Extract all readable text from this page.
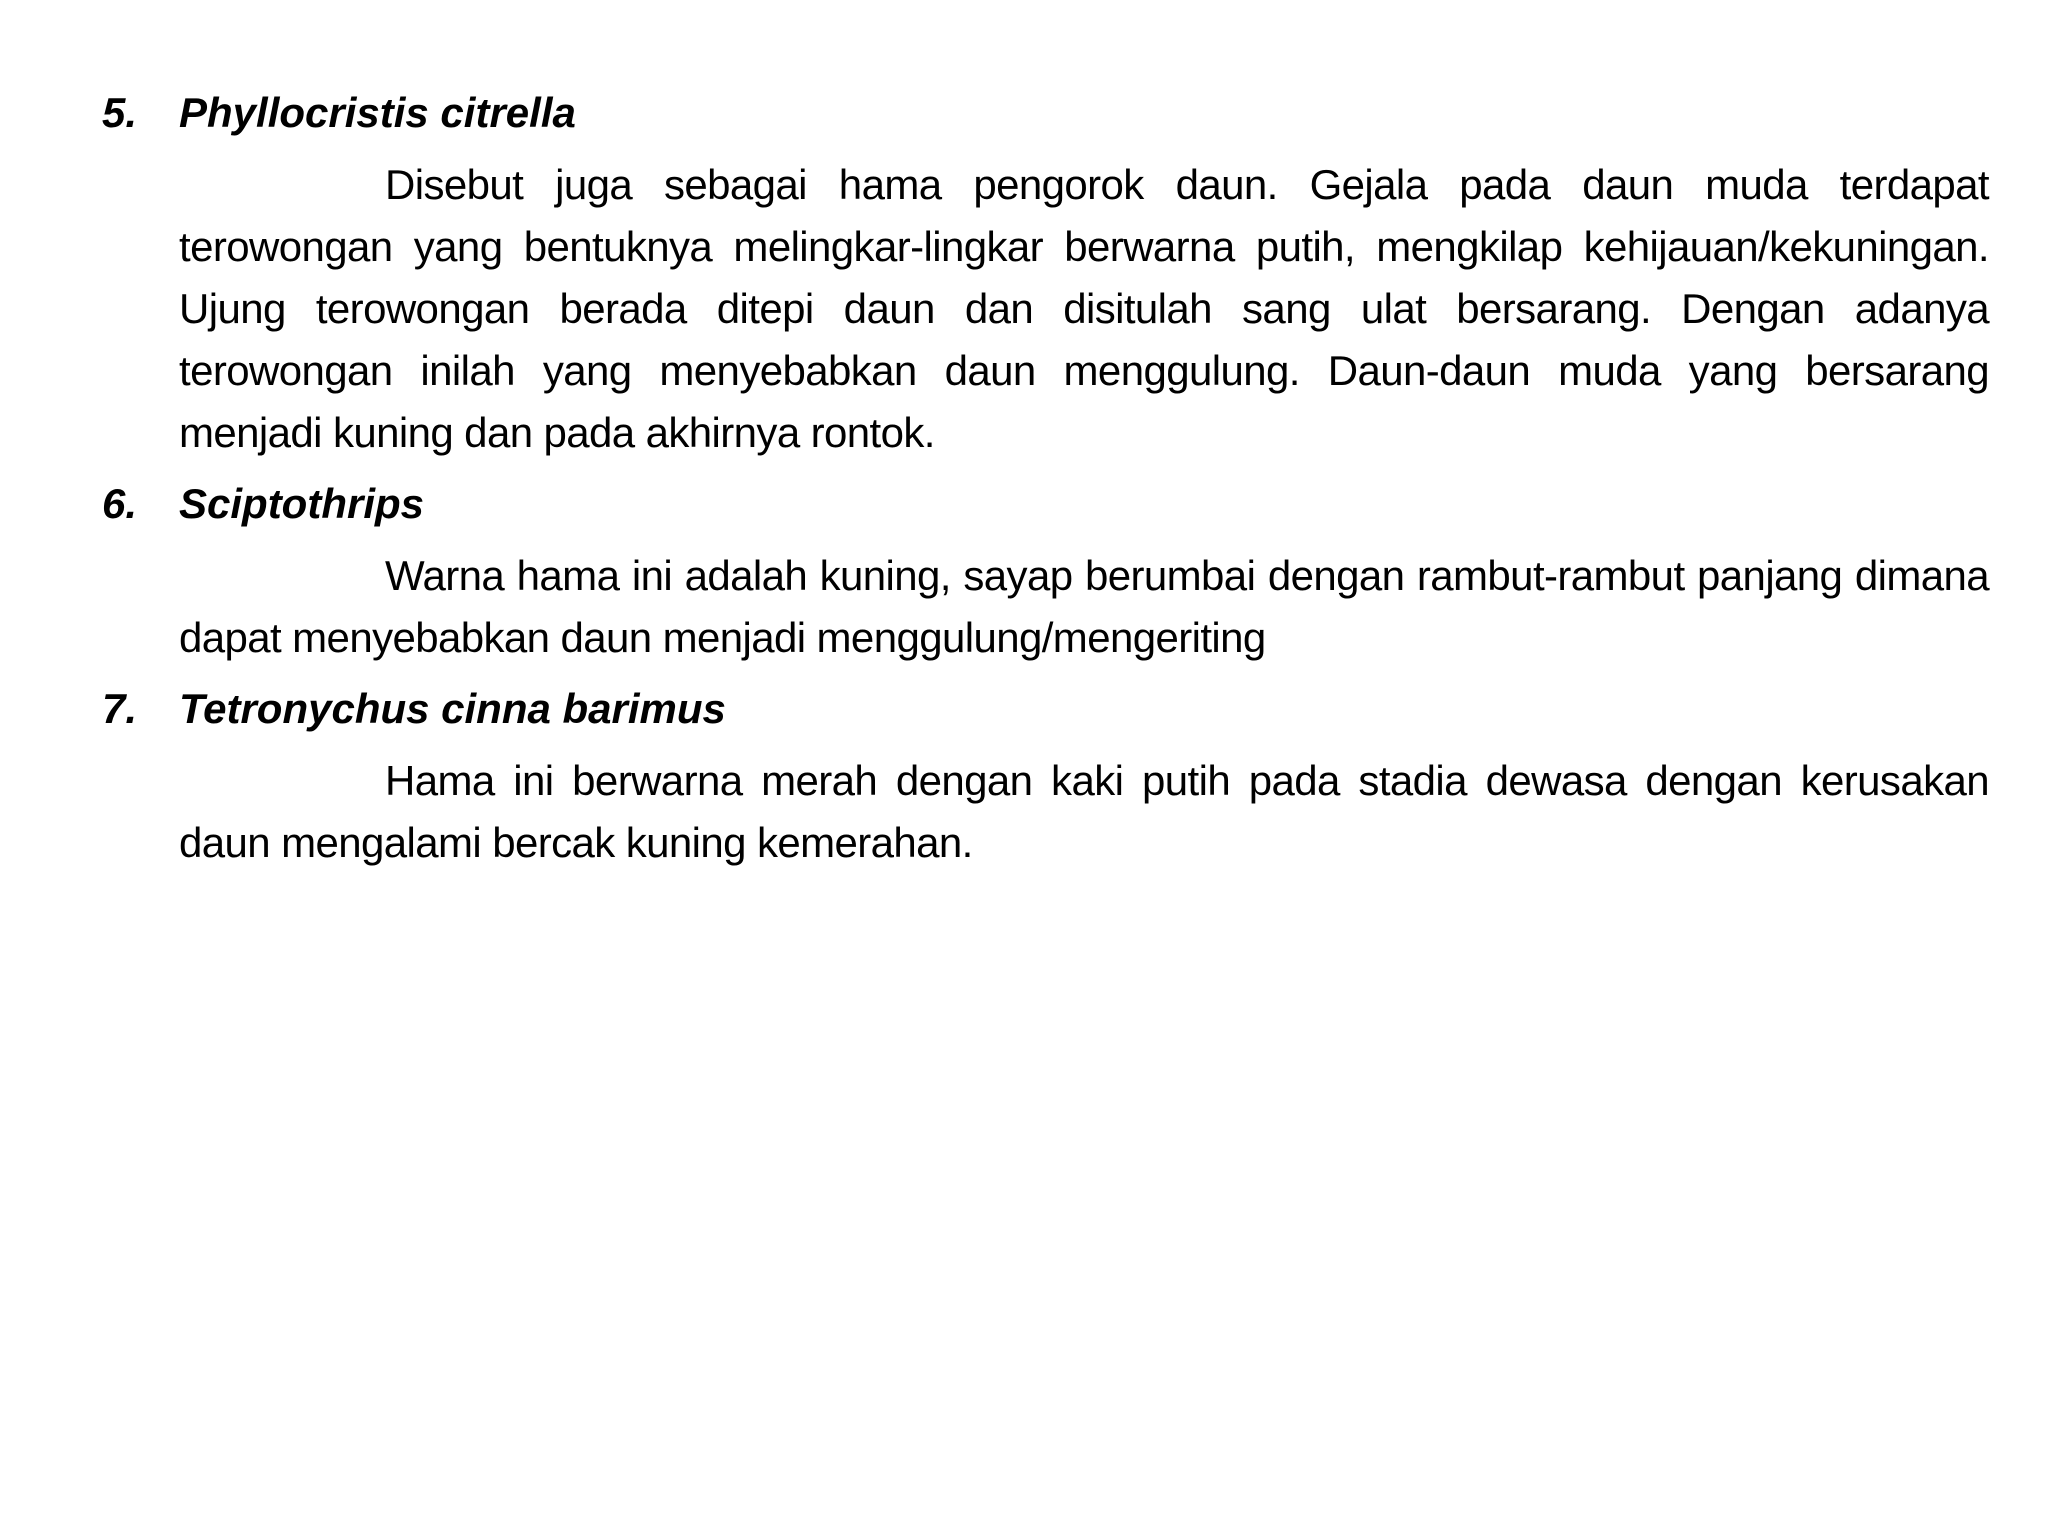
5. Phyllocristis citrella

Disebut juga sebagai hama pengorok daun. Gejala pada daun muda terdapat terowongan yang bentuknya melingkar-lingkar berwarna putih, mengkilap kehijauan/kekuningan. Ujung terowongan berada ditepi daun dan disitulah sang ulat bersarang. Dengan adanya terowongan inilah yang menyebabkan daun menggulung. Daun-daun muda yang bersarang menjadi kuning dan pada akhirnya rontok.

6. Sciptothrips

Warna hama ini adalah kuning, sayap berumbai dengan rambut-rambut panjang dimana dapat menyebabkan daun menjadi menggulung/mengeriting

7. Tetronychus cinna barimus

Hama ini berwarna merah dengan kaki putih pada stadia dewasa dengan kerusakan daun mengalami bercak kuning kemerahan.
